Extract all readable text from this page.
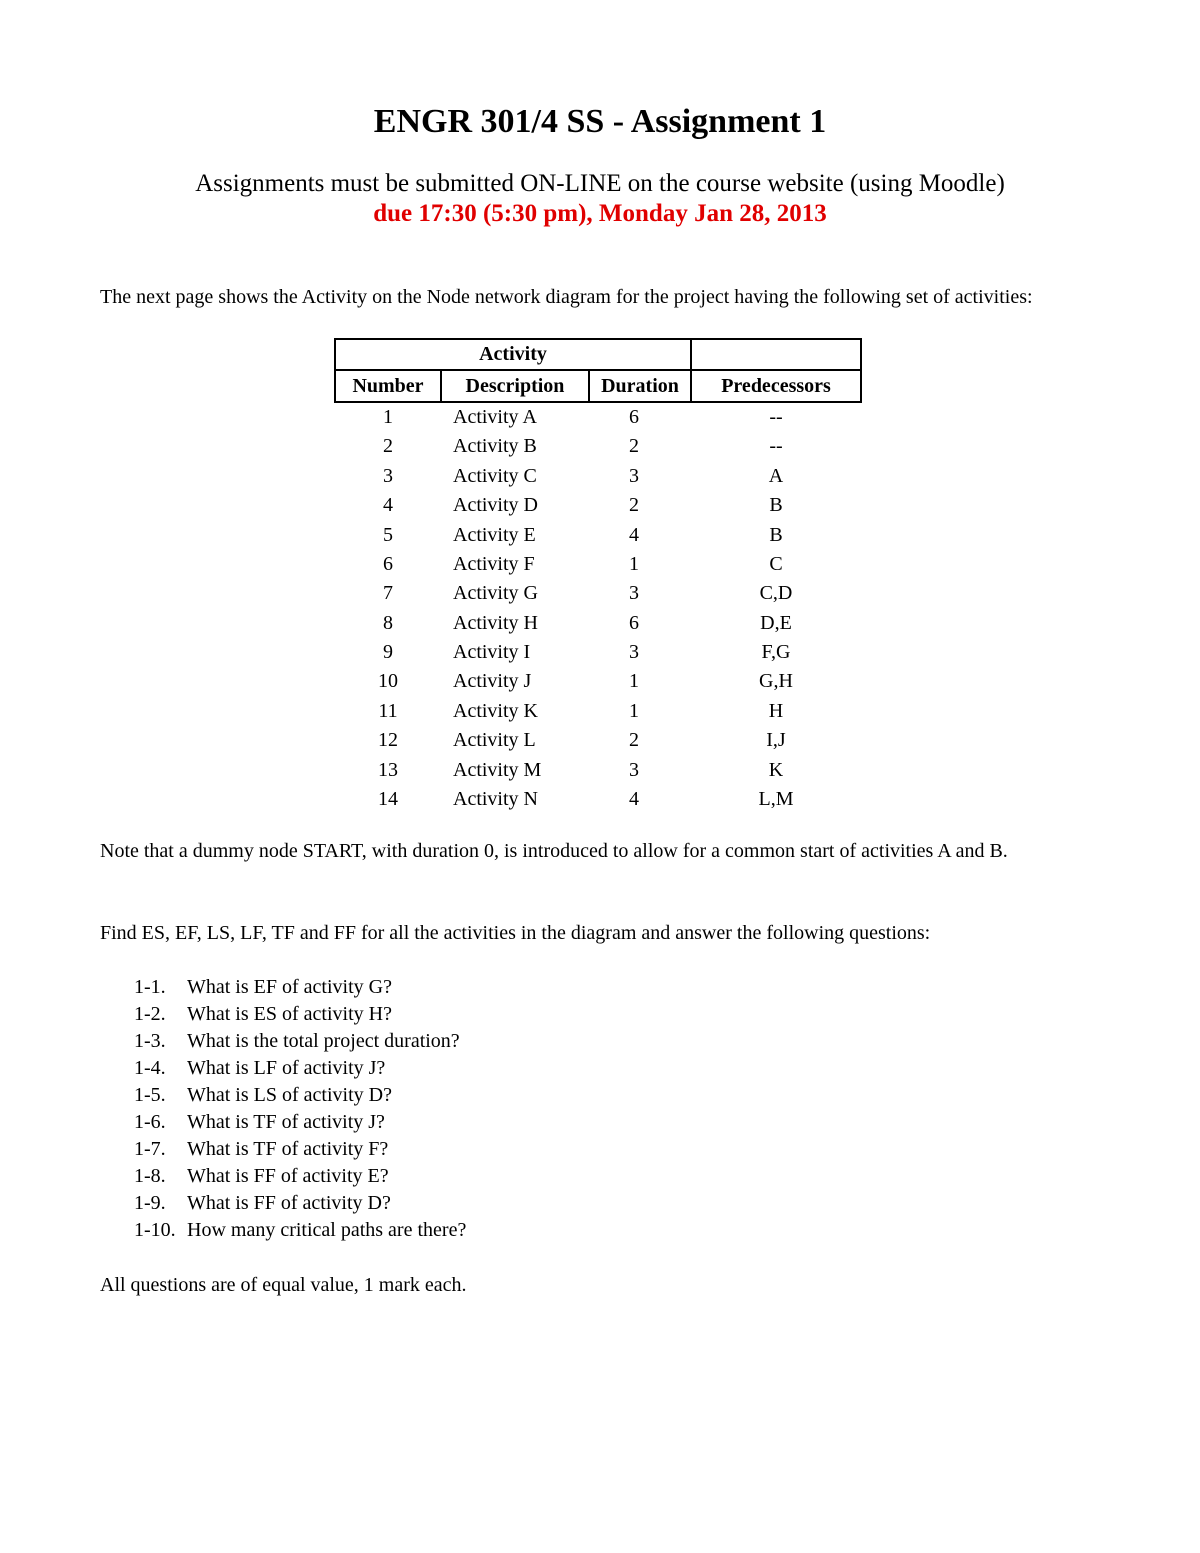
ENGR 301/4 SS - Assignment 1
Assignments must be submitted ON-LINE on the course website (using Moodle)
due 17:30 (5:30 pm), Monday Jan 28, 2013
The next page shows the Activity on the Node network diagram for the project having the following set of activities:
Activity			
Number	Description	Duration	Predecessors
1	Activity A	6	--
2	Activity B	2	--
3	Activity C	3	A
4	Activity D	2	B
5	Activity E	4	B
6	Activity F	1	C
7	Activity G	3	C,D
8	Activity H	6	D,E
9	Activity I	3	F,G
10	Activity J	1	G,H
11	Activity K	1	H
12	Activity L	2	I,J
13	Activity M	3	K
14	Activity N	4	L,M
Note that a dummy node START, with duration 0, is introduced to allow for a common start of activities A and B.
Find ES, EF, LS, LF, TF and FF for all the activities in the diagram and answer the following questions:
1-1.	What is EF of activity G?
1-2.	What is ES of activity H?
1-3.	What is the total project duration?
1-4.	What is LF of activity J?
1-5.	What is LS of activity D?
1-6.	What is TF of activity J?
1-7.	What is TF of activity F?
1-8.	What is FF of activity E?
1-9.	What is FF of activity D?
1-10. How many critical paths are there?
All questions are of equal value, 1 mark each.
